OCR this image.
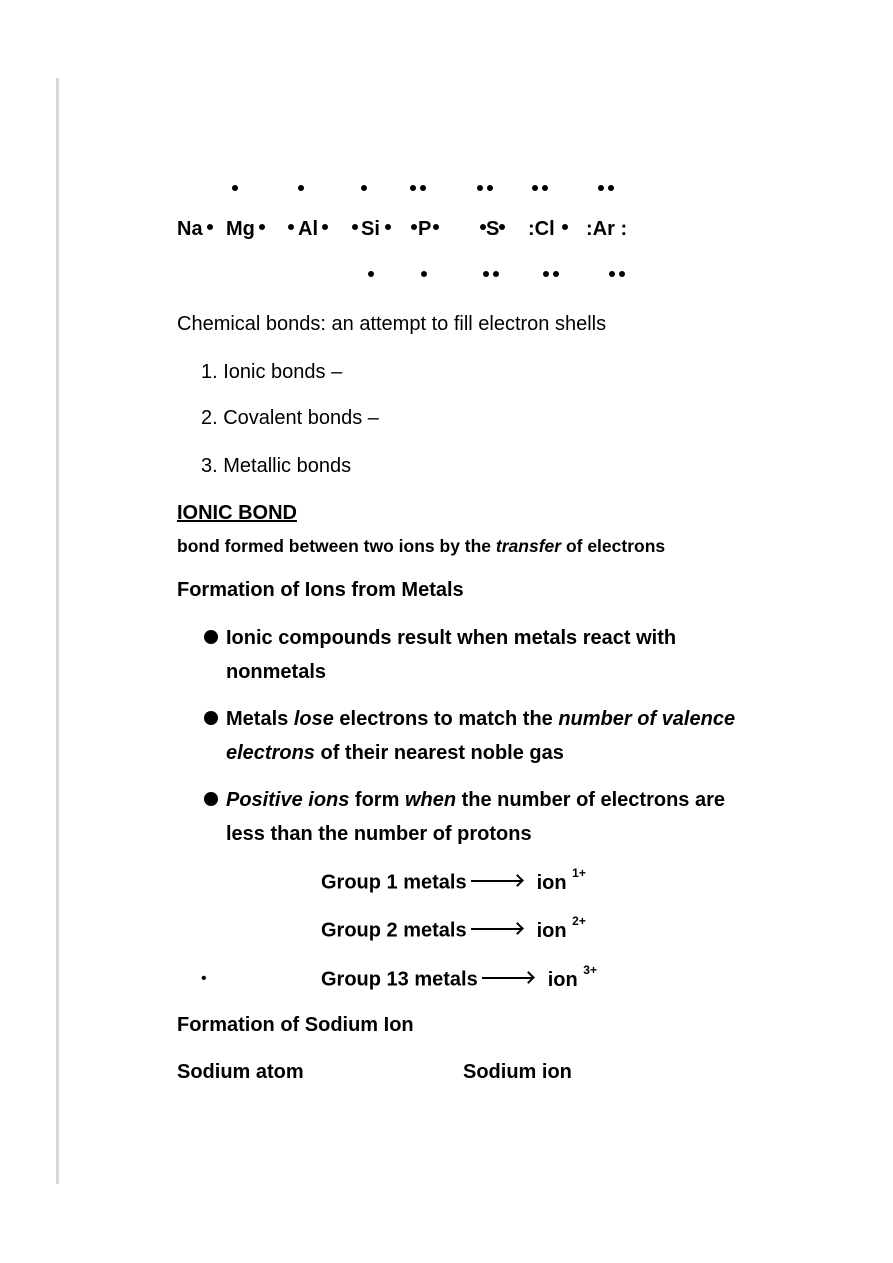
Na Mg Al Si P	S :Cl :Ar :
Chemical bonds: an attempt to fill electron shells
1. Ionic bonds –
2. Covalent bonds –
3. Metallic bonds
IONIC BOND
bond formed between two ions by the transfer of electrons
Formation of Ions from Metals
Ionic compounds result when metals react with nonmetals
Metals lose electrons to match the number of valence electrons of their nearest noble gas
Positive ions form when the number of electrons are less than the number of protons
Group 1 metals	ion $^{1+}$
Group 2 metals	ion $^{2+}$
•	Group 13 metals	ion $^{3+}$
Formation of Sodium Ion
Sodium atom	Sodium ion
